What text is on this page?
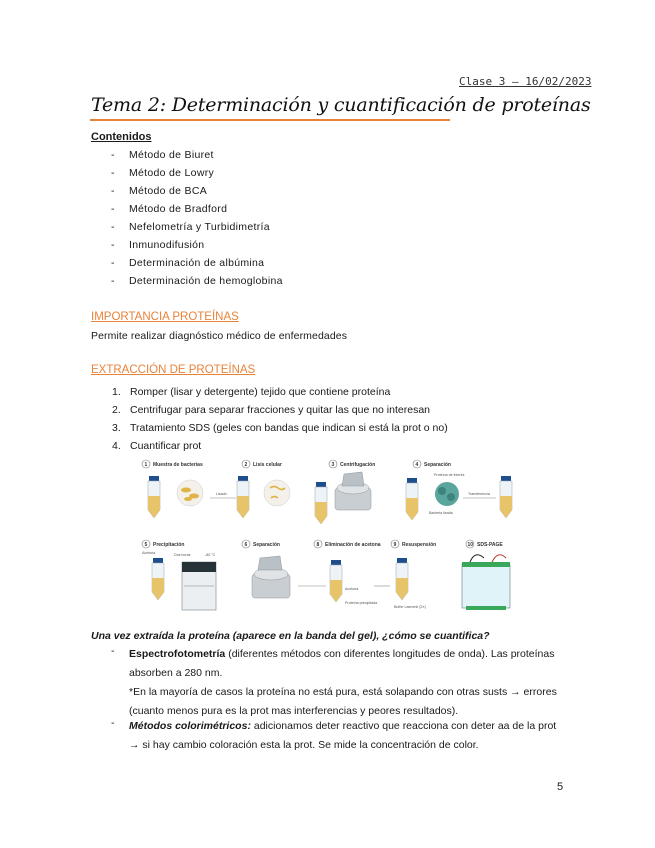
Clase 3 – 16/02/2023
Tema 2: Determinación y cuantificación de proteínas
Contenidos
- Método de Biuret
- Método de Lowry
- Método de BCA
- Método de Bradford
- Nefelometría y Turbidimetría
- Inmunodifusión
- Determinación de albúmina
- Determinación de hemoglobina
IMPORTANCIA PROTEÍNAS
Permite realizar diagnóstico médico de enfermedades
EXTRACCIÓN DE PROTEÍNAS
1. Romper (lisar y detergente) tejido que contiene proteína
2. Centrifugar para separar fracciones y quitar las que no interesan
3. Tratamiento SDS (geles con bandas que indican si está la prot o no)
4. Cuantificar prot
1 Muestra de bacterias	2 Lisis celular
Lisado
3 Centrifugación	4 Separación
Proteína de interés
Bacteria lisada
Transferencia
5 Precipitación
Acetona	Dos horas	-80 °C
6 Separación	8 Eliminación de acetona
Acetona
Proteína precipitada
9 Resuspensión
Buffer Laemmli (2X)
10 SDS-PAGE
Una vez extraída la proteína (aparece en la banda del gel), ¿cómo se cuantifica?
- Espectrofotometría (diferentes métodos con diferentes longitudes de onda). Las proteínas absorben a 280 nm.
*En la mayoría de casos la proteína no está pura, está solapando con otras susts → errores (cuanto menos pura es la prot mas interferencias y peores resultados).
- Métodos colorimétricos: adicionamos deter reactivo que reacciona con deter aa de la prot → si hay cambio coloración esta la prot. Se mide la concentración de color.
5
